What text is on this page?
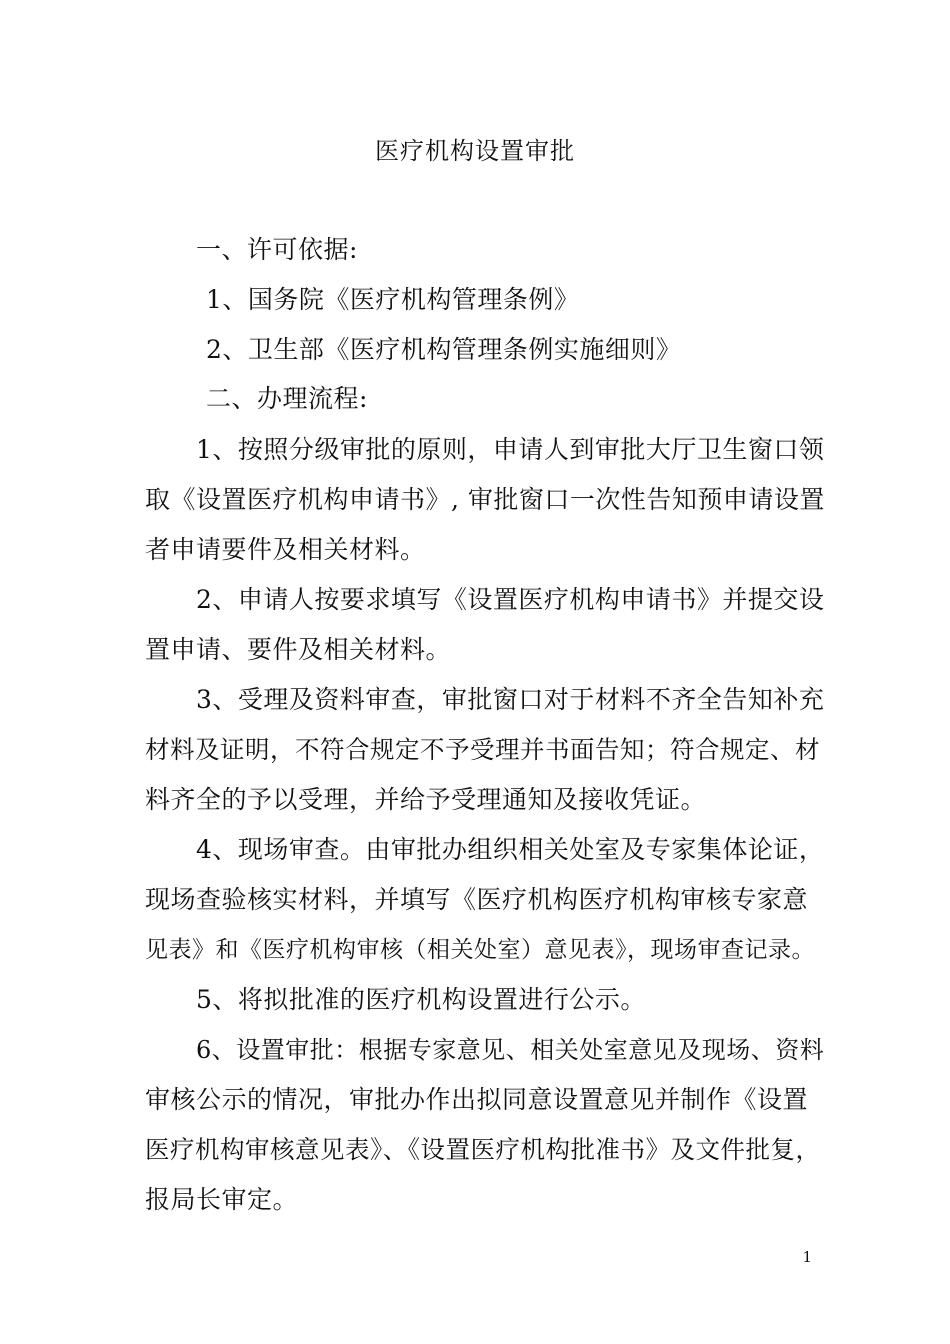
医疗机构设置审批
一、许可依据:
1、国务院《医疗机构管理条例》
2、卫生部《医疗机构管理条例实施细则》
二、办理流程:
1、按照分级审批的原则，申请人到审批大厅卫生窗口领
取《设置医疗机构申请书》, 审批窗口一次性告知预申请设置
者申请要件及相关材料。
2、申请人按要求填写《设置医疗机构申请书》并提交设
置申请、要件及相关材料。
3、受理及资料审查，审批窗口对于材料不齐全告知补充
材料及证明，不符合规定不予受理并书面告知；符合规定、材
料齐全的予以受理，并给予受理通知及接收凭证。
4、现场审查。由审批办组织相关处室及专家集体论证，
现场查验核实材料，并填写《医疗机构医疗机构审核专家意
见表》和《医疗机构审核（相关处室）意见表》，现场审查记录。
5、将拟批准的医疗机构设置进行公示。
6、设置审批：根据专家意见、相关处室意见及现场、资料
审核公示的情况，审批办作出拟同意设置意见并制作《设置
医疗机构审核意见表》、《设置医疗机构批准书》及文件批复，
报局长审定。
1
